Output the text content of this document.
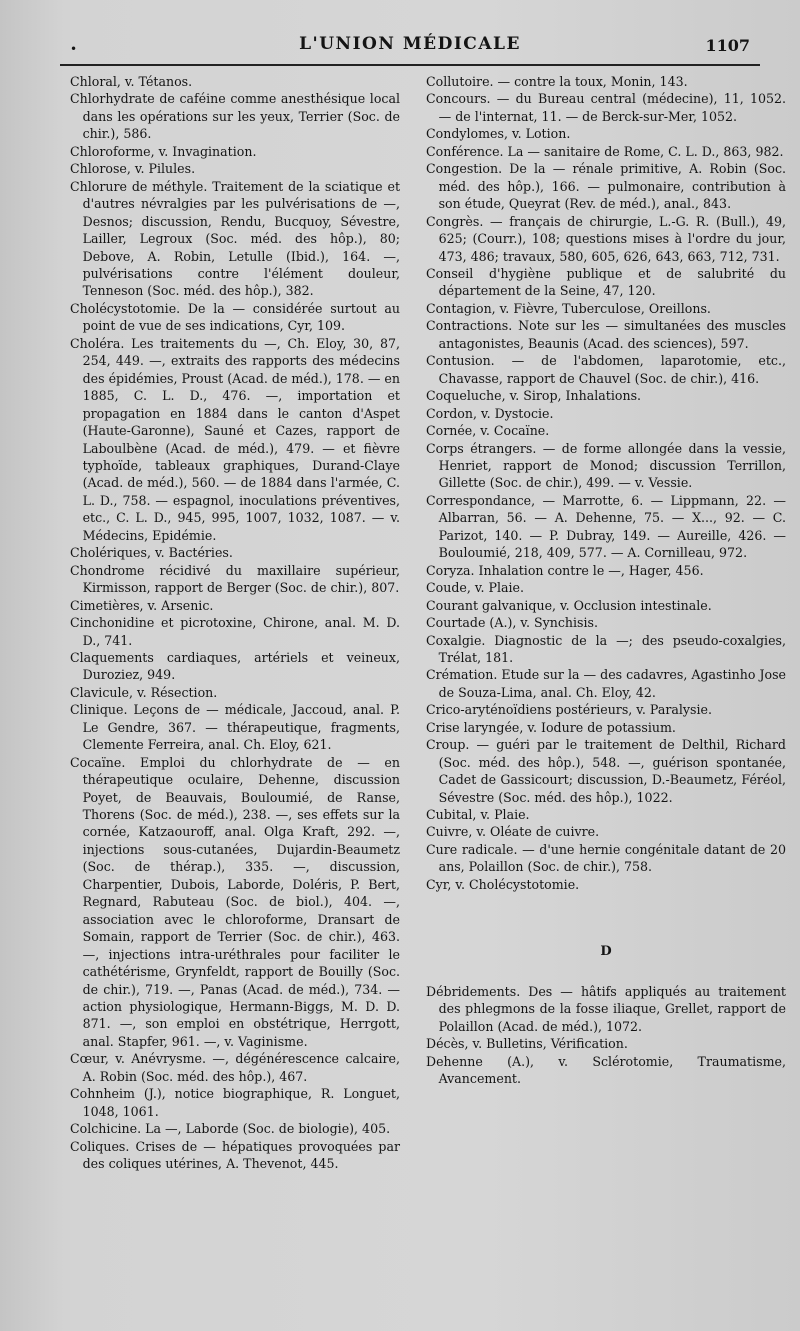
•	L'UNION MÉDICALE	1107

Chloral, v. Tétanos.

Chlorhydrate de caféine comme anesthésique local dans les opérations sur les yeux, Terrier (Soc. de chir.), 586.

Chloroforme, v. Invagination.

Chlorose, v. Pilules.

Chlorure de méthyle. Traitement de la sciatique et d'autres névralgies par les pulvérisations de —, Desnos; discussion, Rendu, Bucquoy, Sévestre, Lailler, Legroux (Soc. méd. des hôp.), 80; Debove, A. Robin, Letulle (Ibid.), 164. —, pulvérisations contre l'élément douleur, Tenneson (Soc. méd. des hôp.), 382.

Cholécystotomie. De la — considérée surtout au point de vue de ses indications, Cyr, 109.

Choléra. Les traitements du —, Ch. Eloy, 30, 87, 254, 449. —, extraits des rapports des médecins des épidémies, Proust (Acad. de méd.), 178. — en 1885, C. L. D., 476. —, importation et propagation en 1884 dans le canton d'Aspet (Haute-Garonne), Sauné et Cazes, rapport de Laboulbène (Acad. de méd.), 479. — et fièvre typhoïde, tableaux graphiques, Durand-Claye (Acad. de méd.), 560. — de 1884 dans l'armée, C. L. D., 758. — espagnol, inoculations préventives, etc., C. L. D., 945, 995, 1007, 1032, 1087. — v. Médecins, Epidémie.

Cholériques, v. Bactéries.

Chondrome récidivé du maxillaire supérieur, Kirmisson, rapport de Berger (Soc. de chir.), 807.

Cimetières, v. Arsenic.

Cinchonidine et picrotoxine, Chirone, anal. M. D. D., 741.

Claquements cardiaques, artériels et veineux, Duroziez, 949.

Clavicule, v. Résection.

Clinique. Leçons de — médicale, Jaccoud, anal. P. Le Gendre, 367. — thérapeutique, fragments, Clemente Ferreira, anal. Ch. Eloy, 621.

Cocaïne. Emploi du chlorhydrate de — en thérapeutique oculaire, Dehenne, discussion Poyet, de Beauvais, Bouloumié, de Ranse, Thorens (Soc. de méd.), 238. —, ses effets sur la cornée, Katzaouroff, anal. Olga Kraft, 292. —, injections sous-cutanées, Dujardin-Beaumetz (Soc. de thérap.), 335. —, discussion, Charpentier, Dubois, Laborde, Doléris, P. Bert, Regnard, Rabuteau (Soc. de biol.), 404. —, association avec le chloroforme, Dransart de Somain, rapport de Terrier (Soc. de chir.), 463. —, injections intra-uréthrales pour faciliter le cathétérisme, Grynfeldt, rapport de Bouilly (Soc. de chir.), 719. —, Panas (Acad. de méd.), 734. — action physiologique, Hermann-Biggs, M. D. D. 871. —, son emploi en obstétrique, Herrgott, anal. Stapfer, 961. —, v. Vaginisme.

Cœur, v. Anévrysme. —, dégénérescence calcaire, A. Robin (Soc. méd. des hôp.), 467.

Cohnheim (J.), notice biographique, R. Longuet, 1048, 1061.

Colchicine. La —, Laborde (Soc. de biologie), 405.

Coliques. Crises de — hépatiques provoquées par des coliques utérines, A. Thevenot, 445.

Collutoire. — contre la toux, Monin, 143.

Concours. — du Bureau central (médecine), 11, 1052. — de l'internat, 11. — de Berck-sur-Mer, 1052.

Condylomes, v. Lotion.

Conférence. La — sanitaire de Rome, C. L. D., 863, 982.

Congestion. De la — rénale primitive, A. Robin (Soc. méd. des hôp.), 166. — pulmonaire, contribution à son étude, Queyrat (Rev. de méd.), anal., 843.

Congrès. — français de chirurgie, L.-G. R. (Bull.), 49, 625; (Courr.), 108; questions mises à l'ordre du jour, 473, 486; travaux, 580, 605, 626, 643, 663, 712, 731.

Conseil d'hygiène publique et de salubrité du département de la Seine, 47, 120.

Contagion, v. Fièvre, Tuberculose, Oreillons.

Contractions. Note sur les — simultanées des muscles antagonistes, Beaunis (Acad. des sciences), 597.

Contusion. — de l'abdomen, laparotomie, etc., Chavasse, rapport de Chauvel (Soc. de chir.), 416.

Coqueluche, v. Sirop, Inhalations.

Cordon, v. Dystocie.

Cornée, v. Cocaïne.

Corps étrangers. — de forme allongée dans la vessie, Henriet, rapport de Monod; discussion Terrillon, Gillette (Soc. de chir.), 499. — v. Vessie.

Correspondance, — Marrotte, 6. — Lippmann, 22. — Albarran, 56. — A. Dehenne, 75. — X..., 92. — C. Parizot, 140. — P. Dubray, 149. — Aureille, 426. — Bouloumié, 218, 409, 577. — A. Cornilleau, 972.

Coryza. Inhalation contre le —, Hager, 456.

Coude, v. Plaie.

Courant galvanique, v. Occlusion intestinale.

Courtade (A.), v. Synchisis.

Coxalgie. Diagnostic de la —; des pseudo-coxalgies, Trélat, 181.

Crémation. Etude sur la — des cadavres, Agastinho Jose de Souza-Lima, anal. Ch. Eloy, 42.

Crico-aryténoïdiens postérieurs, v. Paralysie.

Crise laryngée, v. Iodure de potassium.

Croup. — guéri par le traitement de Delthil, Richard (Soc. méd. des hôp.), 548. —, guérison spontanée, Cadet de Gassicourt; discussion, D.-Beaumetz, Féréol, Sévestre (Soc. méd. des hôp.), 1022.

Cubital, v. Plaie.

Cuivre, v. Oléate de cuivre.

Cure radicale. — d'une hernie congénitale datant de 20 ans, Polaillon (Soc. de chir.), 758.

Cyr, v. Cholécystotomie.

D

Débridements. Des — hâtifs appliqués au traitement des phlegmons de la fosse iliaque, Grellet, rapport de Polaillon (Acad. de méd.), 1072.

Décès, v. Bulletins, Vérification.

Dehenne (A.), v. Sclérotomie, Traumatisme, Avancement.
